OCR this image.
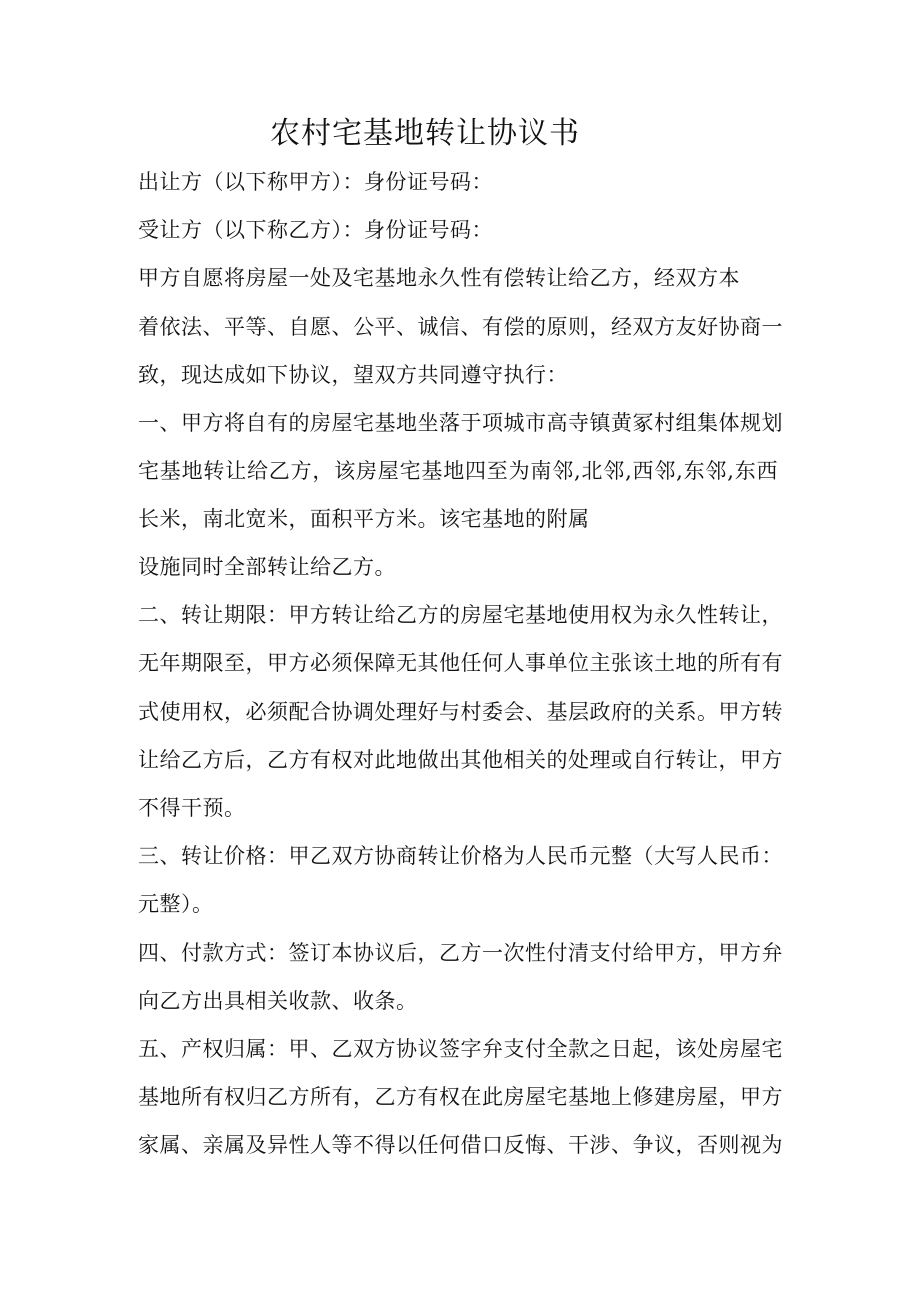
农村宅基地转让协议书
出让方（以下称甲方）：身份证号码：
受让方（以下称乙方）：身份证号码：
甲方自愿将房屋一处及宅基地永久性有偿转让给乙方，经双方本
着依法、平等、自愿、公平、诚信、有偿的原则，经双方友好协商一
致，现达成如下协议，望双方共同遵守执行：
一、甲方将自有的房屋宅基地坐落于项城市高寺镇黄冢村组集体规划
宅基地转让给乙方，该房屋宅基地四至为南邻,北邻,西邻,东邻,东西
长米，南北宽米，面积平方米。该宅基地的附属
设施同时全部转让给乙方。
二、转让期限：甲方转让给乙方的房屋宅基地使用权为永久性转让，
无年期限至，甲方必须保障无其他任何人事单位主张该土地的所有有
式使用权，必须配合协调处理好与村委会、基层政府的关系。甲方转
让给乙方后，乙方有权对此地做出其他相关的处理或自行转让，甲方
不得干预。
三、转让价格：甲乙双方协商转让价格为人民币元整（大写人民币：
元整）。
四、付款方式：签订本协议后，乙方一次性付清支付给甲方，甲方弁
向乙方出具相关收款、收条。
五、产权归属：甲、乙双方协议签字弁支付全款之日起，该处房屋宅
基地所有权归乙方所有，乙方有权在此房屋宅基地上修建房屋，甲方
家属、亲属及异性人等不得以任何借口反悔、干涉、争议，否则视为
